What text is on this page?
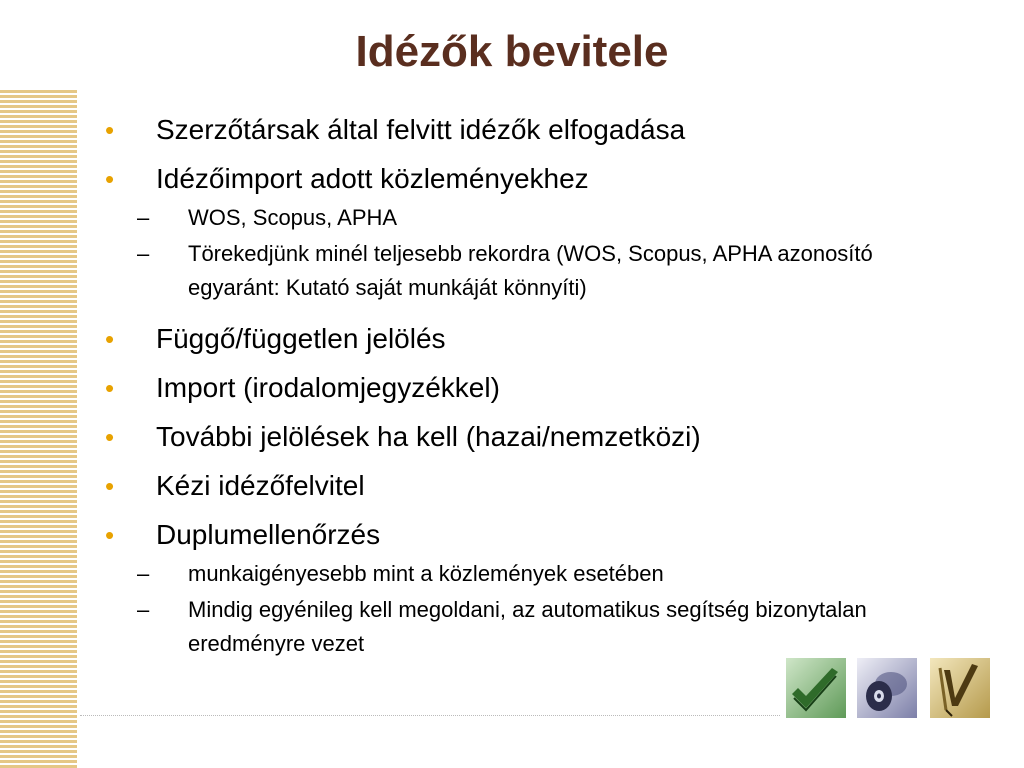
Idézők bevitele
• Szerzőtársak által felvitt idézők elfogadása
• Idézőimport adott közleményekhez
– WOS, Scopus, APHA
– Törekedjünk minél teljesebb rekordra (WOS, Scopus, APHA azonosító egyaránt: Kutató saját munkáját könnyíti)
• Függő/független jelölés
• Import (irodalomjegyzékkel)
• További jelölések ha kell (hazai/nemzetközi)
• Kézi idézőfelvitel
• Duplumellenőrzés
– munkaigényesebb mint a közlemények esetében
– Mindig egyénileg kell megoldani, az automatikus segítség bizonytalan eredményre vezet
